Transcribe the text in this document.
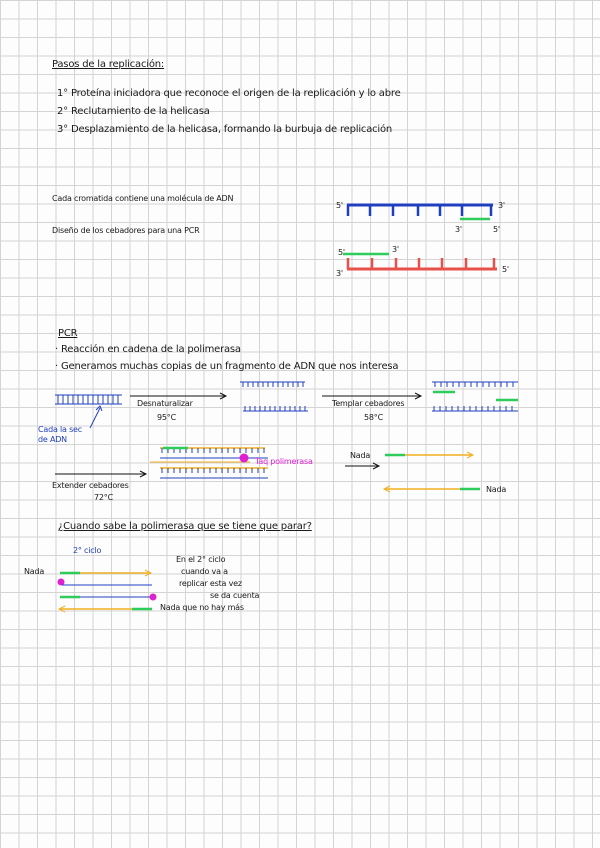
Pasos de la replicación:
1° Proteína iniciadora que reconoce el origen de la replicación y lo abre
2° Reclutamiento de la helicasa
3° Desplazamiento de la helicasa, formando la burbuja de replicación
Cada cromatida contiene una molécula de ADN
Diseño de los cebadores para una PCR
5'	3'
3'	5'
5'	3'
3'	5'
PCR
· Reacción en cadena de la polimerasa
· Generamos muchas copias de un fragmento de ADN que nos interesa
Cada la sec de ADN
Desnaturalizar
95°C
Templar cebadores
58°C
Extender cebadores
72°C
Taq polimerasa
Nada
Nada
¿Cuando sabe la polimerasa que se tiene que parar?
2° ciclo
Nada
En el 2° ciclo
cuando va a
replicar esta vez
se da cuenta
Nada que no hay más
